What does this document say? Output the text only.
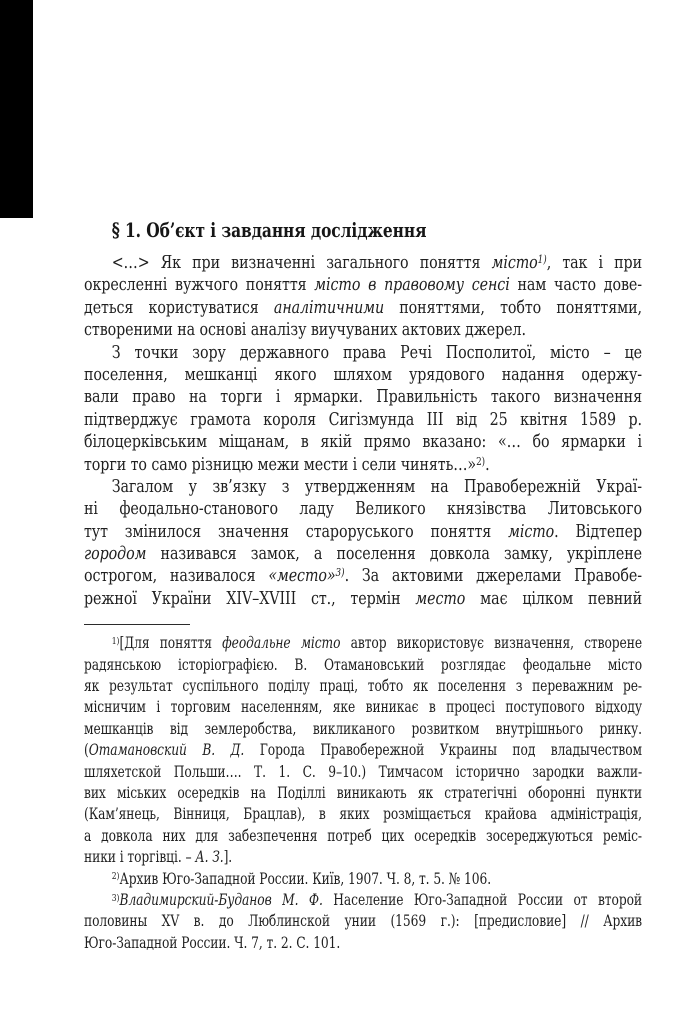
§ 1. Об’єкт і завдання дослідження
<…> Як при визначенні загального поняття місто$^{1)}$, так і при
окресленні вужчого поняття місто в правовому сенсі нам часто дове-
деться користуватися аналітичними поняттями, тобто поняттями,
створеними на основі аналізу виучуваних актових джерел.
З точки зору державного права Речі Посполитої, місто – це
поселення, мешканці якого шляхом урядового надання одержу-
вали право на торги і ярмарки. Правильність такого визначення
підтверджує грамота короля Сигізмунда III від 25 квітня 1589 р.
білоцерківським міщанам, в якій прямо вказано: «… бо ярмарки і
торги то само різницю межи мести і сели чинять…»$^{2)}$.
Загалом у зв’язку з утвердженням на Правобережній Украї-
ні феодально-станового ладу Великого князівства Литовського
тут змінилося значення староруського поняття місто. Відтепер
городом називався замок, а поселення довкола замку, укріплене
острогом, називалося «место»$^{3)}$. За актовими джерелами Правобе-
режної України XIV–XVIII ст., термін место має цілком певний
$^{1)}$[Для поняття феодальне місто автор використовує визначення, створене
радянською історіографією. В. Отамановський розглядає феодальне місто
як результат суспільного поділу праці, тобто як поселення з переважним ре-
місничим і торговим населенням, яке виникає в процесі поступового відходу
мешканців від землеробства, викликаного розвитком внутрішнього ринку.
(Отамановский В. Д. Города Правобережной Украины под владычеством
шляхетской Польши…. Т. 1. С. 9–10.) Тимчасом історично зародки важли-
вих міських осередків на Поділлі виникають як стратегічні оборонні пункти
(Кам’янець, Вінниця, Брацлав), в яких розміщається крайова адміністрація,
а довкола них для забезпечення потреб цих осередків зосереджуються реміс-
ники і торгівці. – А. З.].
$^{2)}$Архив Юго-Западной России. Київ, 1907. Ч. 8, т. 5. № 106.
$^{3)}$Владимирский-Буданов М. Ф. Население Юго-Западной России от второй
половины XV в. до Люблинской унии (1569 г.): [предисловие] // Архив
Юго-Западной России. Ч. 7, т. 2. С. 101.
